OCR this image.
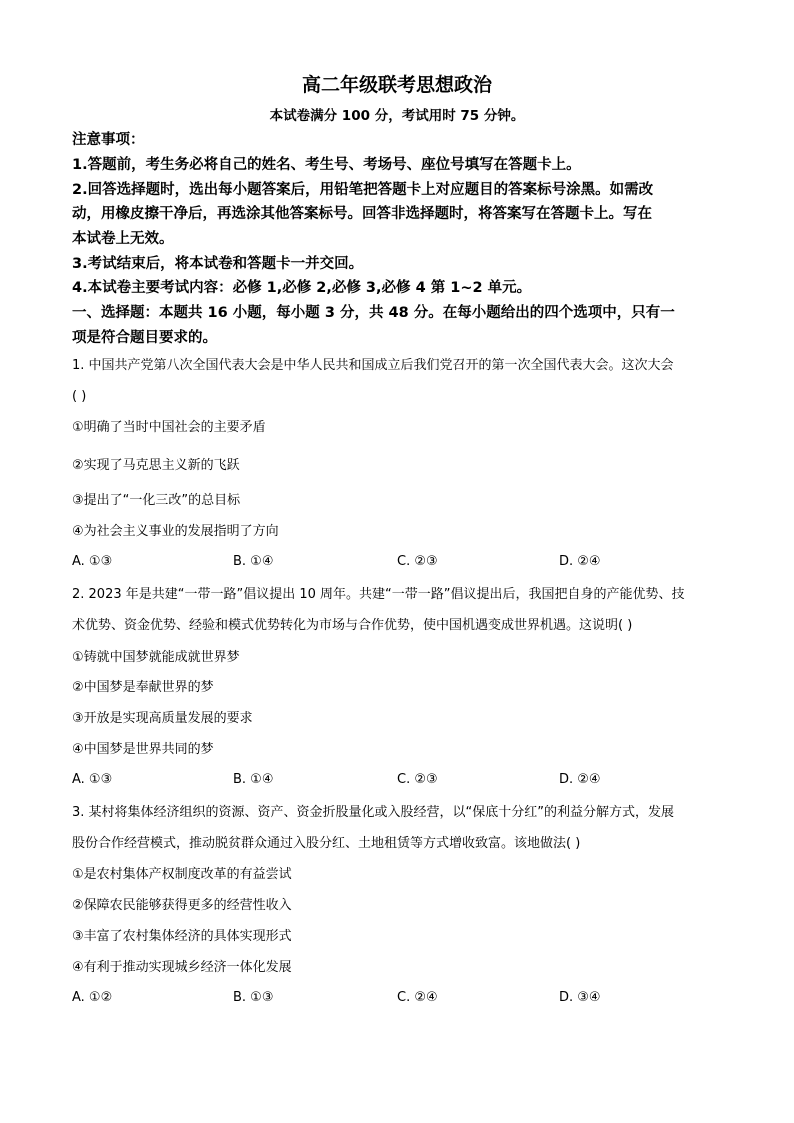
高二年级联考思想政治
本试卷满分 100 分，考试用时 75 分钟。
注意事项：
1.答题前，考生务必将自己的姓名、考生号、考场号、座位号填写在答题卡上。
2.回答选择题时，选出每小题答案后，用铅笔把答题卡上对应题目的答案标号涂黑。如需改
动，用橡皮擦干净后，再选涂其他答案标号。回答非选择题时，将答案写在答题卡上。写在
本试卷上无效。
3.考试结束后，将本试卷和答题卡一并交回。
4.本试卷主要考试内容：必修 1,必修 2,必修 3,必修 4 第 1~2 单元。
一、选择题：本题共 16 小题，每小题 3 分，共 48 分。在每小题给出的四个选项中，只有一
项是符合题目要求的。
1. 中国共产党第八次全国代表大会是中华人民共和国成立后我们党召开的第一次全国代表大会。这次大会
( )
①明确了当时中国社会的主要矛盾
②实现了马克思主义新的飞跃
③提出了“一化三改”的总目标
④为社会主义事业的发展指明了方向
A. ①③	B. ①④	C. ②③	D. ②④
2. 2023 年是共建“一带一路”倡议提出 10 周年。共建“一带一路”倡议提出后，我国把自身的产能优势、技
术优势、资金优势、经验和模式优势转化为市场与合作优势，使中国机遇变成世界机遇。这说明( )
①铸就中国梦就能成就世界梦
②中国梦是奉献世界的梦
③开放是实现高质量发展的要求
④中国梦是世界共同的梦
A. ①③	B. ①④	C. ②③	D. ②④
3. 某村将集体经济组织的资源、资产、资金折股量化或入股经营，以“保底十分红”的利益分解方式，发展
股份合作经营模式，推动脱贫群众通过入股分红、土地租赁等方式增收致富。该地做法( )
①是农村集体产权制度改革的有益尝试
②保障农民能够获得更多的经营性收入
③丰富了农村集体经济的具体实现形式
④有利于推动实现城乡经济一体化发展
A. ①②	B. ①③	C. ②④	D. ③④
